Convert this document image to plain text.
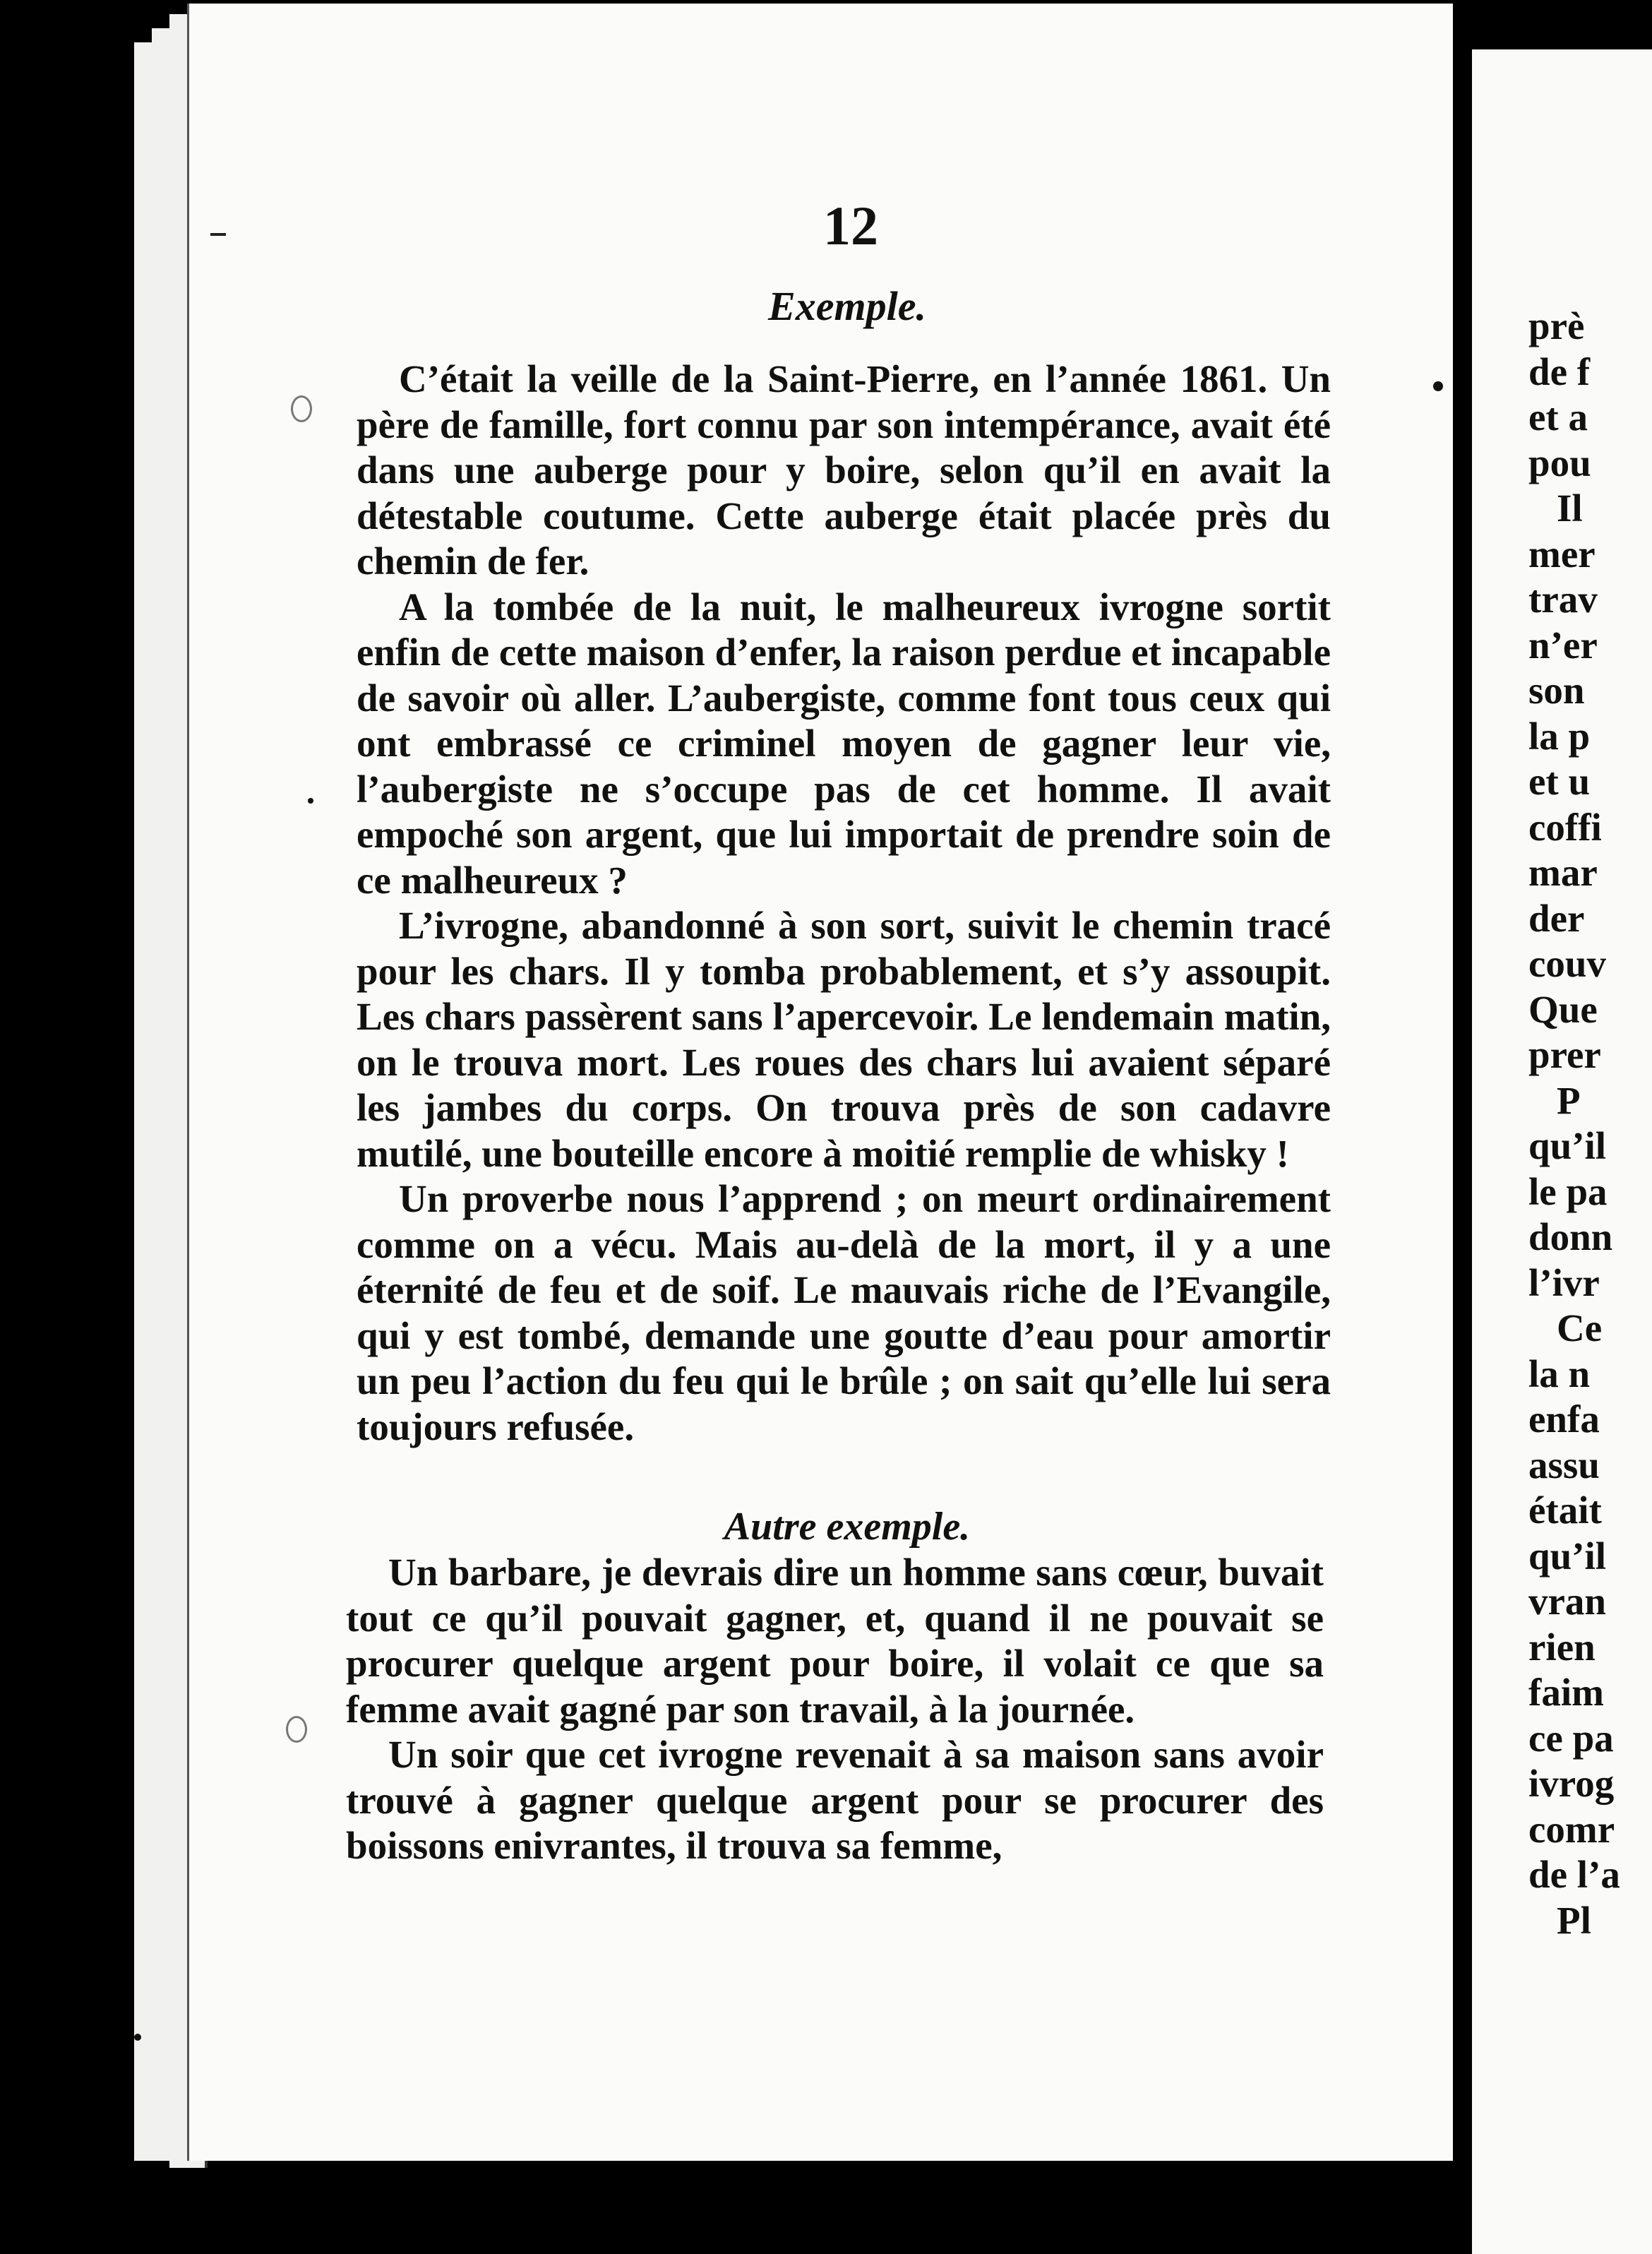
12
Exemple.

C’était la veille de la Saint-Pierre, en l’année 1861. Un père de famille, fort connu par son intempérance, avait été dans une auberge pour y boire, selon qu’il en avait la détestable coutume. Cette auberge était placée près du chemin de fer.

A la tombée de la nuit, le malheureux ivrogne sortit enfin de cette maison d’enfer, la raison perdue et incapable de savoir où aller. L’aubergiste, comme font tous ceux qui ont embrassé ce criminel moyen de gagner leur vie, l’aubergiste ne s’occupe pas de cet homme. Il avait empoché son argent, que lui importait de prendre soin de ce malheureux ?

L’ivrogne, abandonné à son sort, suivit le chemin tracé pour les chars. Il y tomba probablement, et s’y assoupit. Les chars passèrent sans l’apercevoir. Le lendemain matin, on le trouva mort. Les roues des chars lui avaient séparé les jambes du corps. On trouva près de son cadavre mutilé, une bouteille encore à moitié remplie de whisky !

Un proverbe nous l’apprend ; on meurt ordinairement comme on a vécu. Mais au-delà de la mort, il y a une éternité de feu et de soif. Le mauvais riche de l’Evangile, qui y est tombé, demande une goutte d’eau pour amortir un peu l’action du feu qui le brûle ; on sait qu’elle lui sera toujours refusée.

Autre exemple.

Un barbare, je devrais dire un homme sans cœur, buvait tout ce qu’il pouvait gagner, et, quand il ne pouvait se procurer quelque argent pour boire, il volait ce que sa femme avait gagné par son travail, à la journée.

Un soir que cet ivrogne revenait à sa maison sans avoir trouvé à gagner quelque argent pour se procurer des boissons enivrantes, il trouva sa femme,

prè
de f
et a
pou
Il
mer
trav
n’er
son
la p
et u
coffi
mar
der
couv
Que
prer
P
qu’il
le pa
donn
l’ivr
Ce
la n
enfa
assu
était
qu’il
vran
rien
faim
ce pa
ivrog
comr
de l’a
Pl
